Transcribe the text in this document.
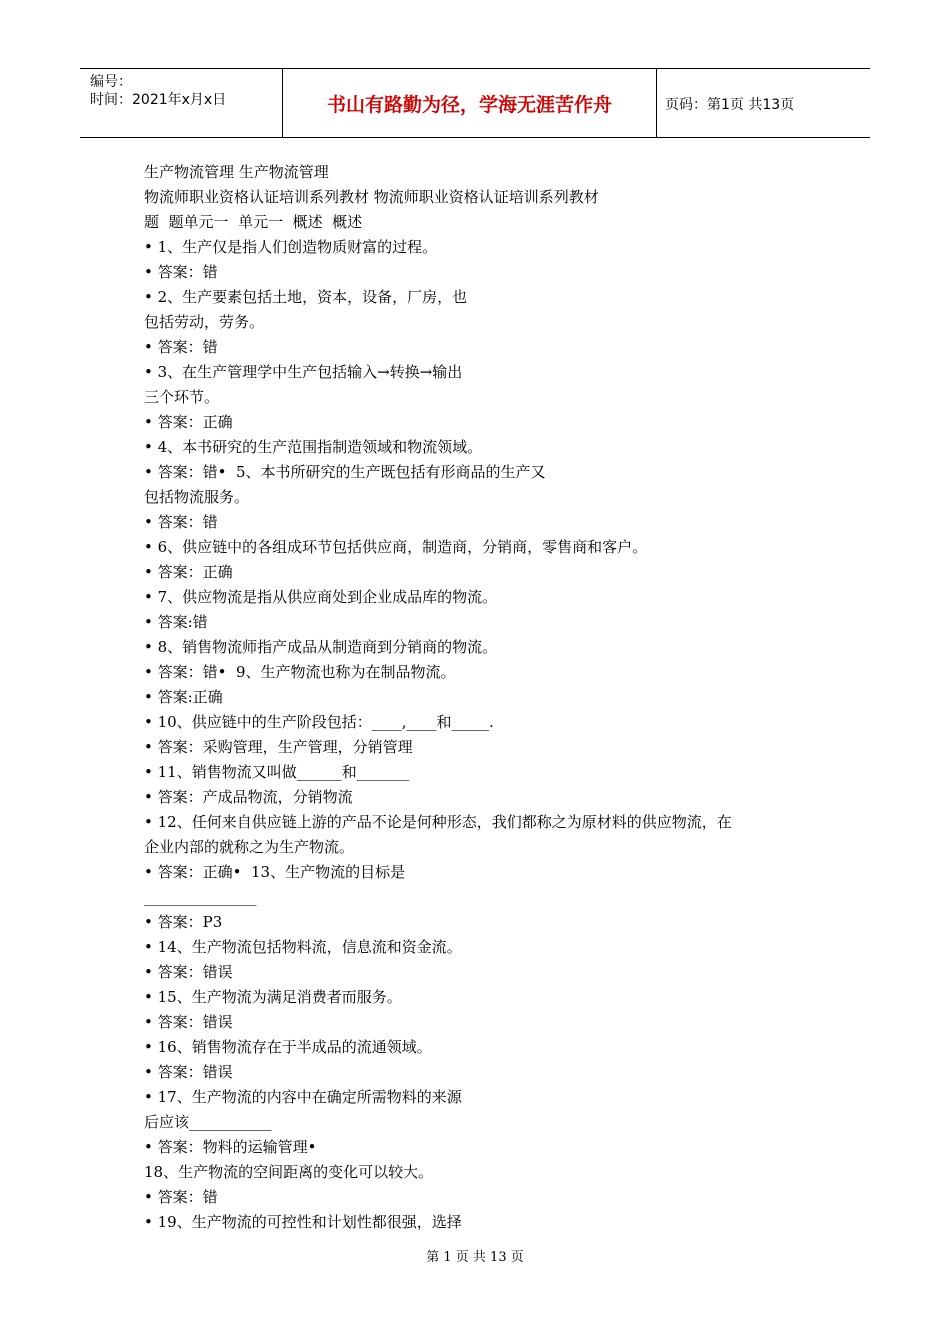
编号：
时间：2021年x月x日	书山有路勤为径，学海无涯苦作舟	页码：第1页 共13页
生产物流管理 生产物流管理
物流师职业资格认证培训系列教材 物流师职业资格认证培训系列教材
题  题单元一  单元一  概述  概述
• 1、生产仅是指人们创造物质财富的过程。
• 答案：错
• 2、生产要素包括土地，资本，设备，厂房，也
包括劳动，劳务。
• 答案：错
• 3、在生产管理学中生产包括输入→转换→输出
三个环节。
• 答案：正确
• 4、本书研究的生产范围指制造领域和物流领域。
• 答案：错•  5、本书所研究的生产既包括有形商品的生产又
包括物流服务。
• 答案：错
• 6、供应链中的各组成环节包括供应商，制造商，分销商，零售商和客户。
• 答案：正确
• 7、供应物流是指从供应商处到企业成品库的物流。
• 答案:错
• 8、销售物流师指产成品从制造商到分销商的物流。
• 答案：错•  9、生产物流也称为在制品物流。
• 答案:正确
• 10、供应链中的生产阶段包括：____,____和_____.
• 答案：采购管理，生产管理，分销管理
• 11、销售物流又叫做______和_______
• 答案：产成品物流，分销物流
• 12、任何来自供应链上游的产品不论是何种形态，我们都称之为原材料的供应物流，在
企业内部的就称之为生产物流。
• 答案：正确•  13、生产物流的目标是
_______________
• 答案：P3
• 14、生产物流包括物料流，信息流和资金流。
• 答案：错误
• 15、生产物流为满足消费者而服务。
• 答案：错误
• 16、销售物流存在于半成品的流通领域。
• 答案：错误
• 17、生产物流的内容中在确定所需物料的来源
后应该___________
• 答案：物料的运输管理•
18、生产物流的空间距离的变化可以较大。
• 答案：错
• 19、生产物流的可控性和计划性都很强，选择
第 1 页 共 13 页
